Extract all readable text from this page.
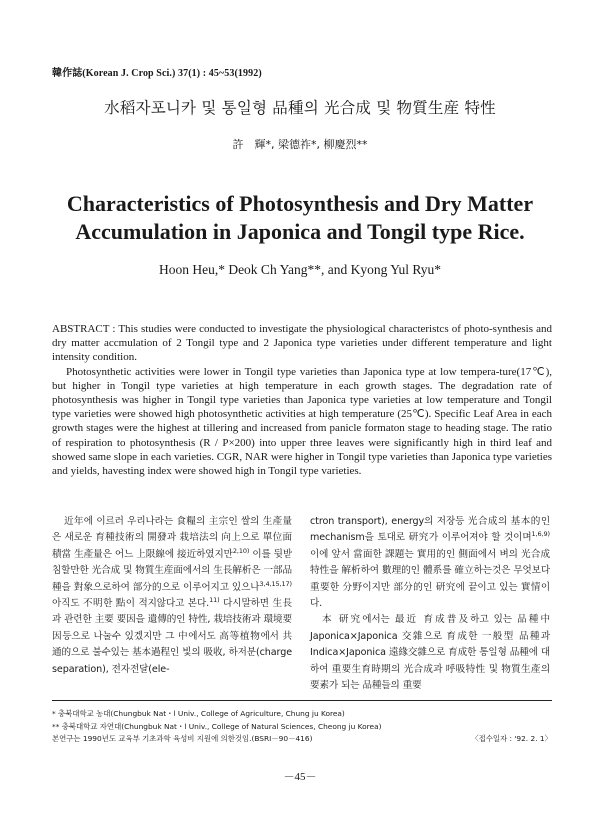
韓作誌(Korean J. Crop Sci.) 37(1) : 45~53(1992)
水稻자포니카 및 통일형 品種의 光合成 및 物質生産 特性
許　輝*, 梁德祚*, 柳慶烈**
Characteristics of Photosynthesis and Dry Matter
Accumulation in Japonica and Tongil type Rice.
Hoon Heu,* Deok Ch Yang**, and Kyong Yul Ryu*

ABSTRACT : This studies were conducted to investigate the physiological characteristcs of photo-synthesis and dry matter accmulation of 2 Tongil type and 2 Japonica type varieties under different temperature and light intensity condition.

Photosynthetic activities were lower in Tongil type varieties than Japonica type at low tempera-ture(17℃), but higher in Tongil type varieties at high temperature in each growth stages. The degradation rate of photosynthesis was higher in Tongil type varieties than Japonica type varieties at low temperature and Tongil type varieties were showed high photosynthetic activities at high temperature (25℃). Specific Leaf Area in each growth stages were the highest at tillering and increased from panicle formaton stage to heading stage. The ratio of respiration to photosynthesis (R / P×200) into upper three leaves were significantly high in third leaf and showed same slope in each varieties. CGR, NAR were higher in Tongil type varieties than Japonica type varieties and yields, havesting index were showed high in Tongil type varieties.

近年에 이르러 우리나라는 食糧의 主宗인 쌀의 生產量은 새로운 育種技術의 開發과 栽培法의 向上으로 單位面積當 生產量은 어느 上限線에 接近하였지만$^{2,10)}$ 이를 뒷받침할만한 光合成 및 物質生産面에서의 生長解析은 一部品種을 對象으로하여 部分的으로 이루어지고 있으나$^{3,4,15,17)}$ 아직도 不明한 點이 적지않다고 본다.$^{11)}$ 다시말하면 生長과 관련한 主要 要因을 遺傳的인 特性, 栽培技術과 環境要因등으로 나눌수 있겠지만 그 中에서도 高等植物에서 共通的으로 불수있는 基本過程인 빛의 吸收, 하저분(charge separation), 전자전달(ele-

ctron transport), energy의 저장등 光合成의 基本的인 mechanism을 토대로 研究가 이루어져야 할 것이며$^{1,6,9)}$ 이에 앞서 當面한 課題는 實用的인 側面에서 벼의 光合成特性을 解析하여 數理的인 體系를 確立하는것은 무엇보다 重要한 分野이지만 部分的인 研究에 끝이고 있는 實情이다.

本 研究에서는 最近 育成普及하고 있는 品種中 Japonica×Japonica 交雜으로 育成한 一般型 品種과 Indica×Japonica 遠緣交雜으로 育成한 통일형 品種에 대하여 重要生育時期의 光合成과 呼吸特性 및 物質生產의 要素가 되는 品種들의 重要

* 충북대학교 농대(Chungbuk Nat・l Univ., College of Agriculture, Chung ju Korea)
** 충북대학교 자연대(Chungbuk Nat・l Univ., College of Natural Sciences, Cheong ju Korea)
본연구는 1990년도 교육부 기초과학 육성비 지원에 의한것임.(BSRI－90－416)	〈접수일자 : '92. 2. 1〉
－45－
